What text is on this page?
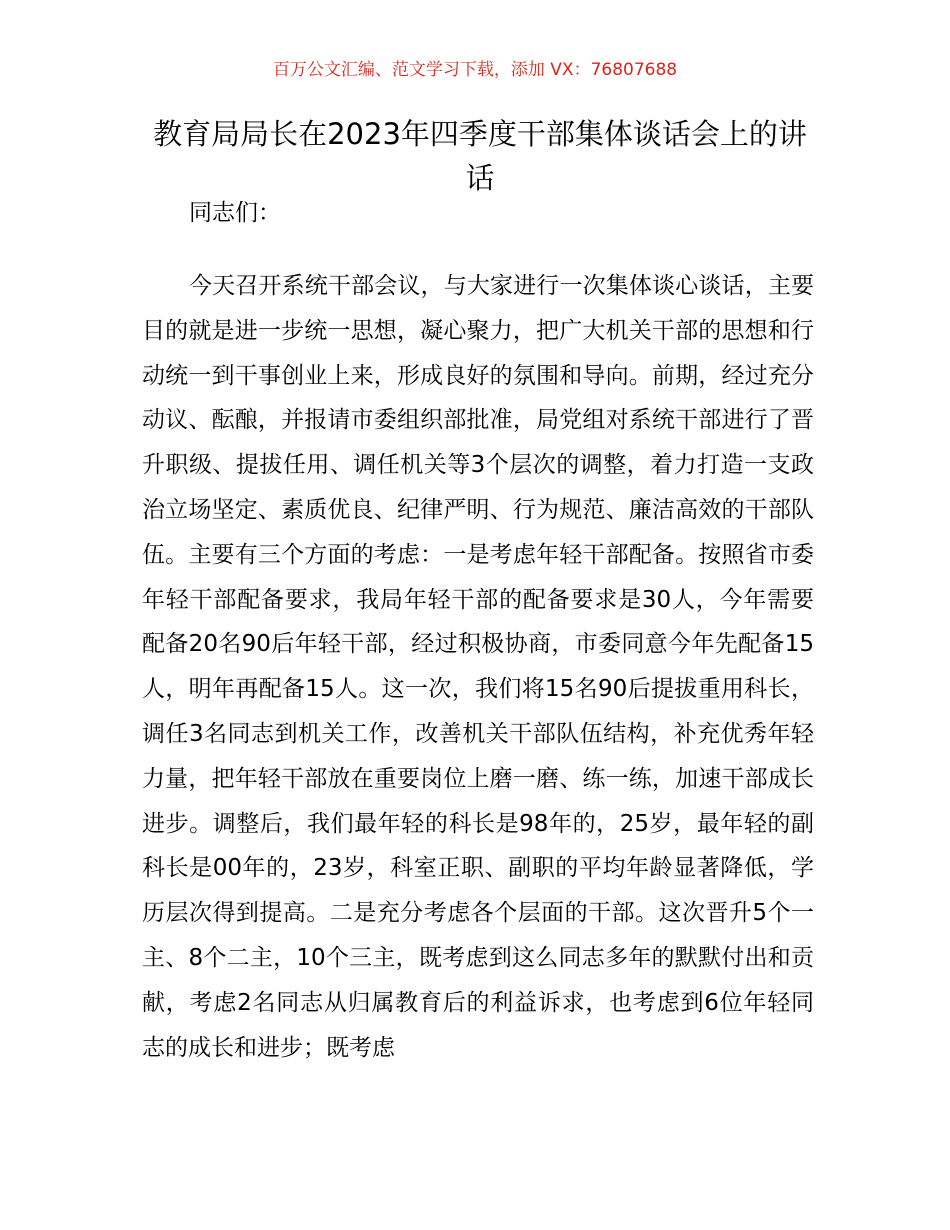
百万公文汇编、范文学习下载，添加 VX：76807688
教育局局长在2023年四季度干部集体谈话会上的讲话
同志们：

今天召开系统干部会议，与大家进行一次集体谈心谈话，主要目的就是进一步统一思想，凝心聚力，把广大机关干部的思想和行动统一到干事创业上来，形成良好的氛围和导向。前期，经过充分动议、酝酿，并报请市委组织部批准，局党组对系统干部进行了晋升职级、提拔任用、调任机关等3个层次的调整，着力打造一支政治立场坚定、素质优良、纪律严明、行为规范、廉洁高效的干部队伍。主要有三个方面的考虑：一是考虑年轻干部配备。按照省市委年轻干部配备要求，我局年轻干部的配备要求是30人，今年需要配备20名90后年轻干部，经过积极协商，市委同意今年先配备15人，明年再配备15人。这一次，我们将15名90后提拔重用科长，调任3名同志到机关工作，改善机关干部队伍结构，补充优秀年轻力量，把年轻干部放在重要岗位上磨一磨、练一练，加速干部成长进步。调整后，我们最年轻的科长是98年的，25岁，最年轻的副科长是00年的，23岁，科室正职、副职的平均年龄显著降低，学历层次得到提高。二是充分考虑各个层面的干部。这次晋升5个一主、8个二主，10个三主，既考虑到这么同志多年的默默付出和贡献，考虑2名同志从归属教育后的利益诉求，也考虑到6位年轻同志的成长和进步；既考虑
